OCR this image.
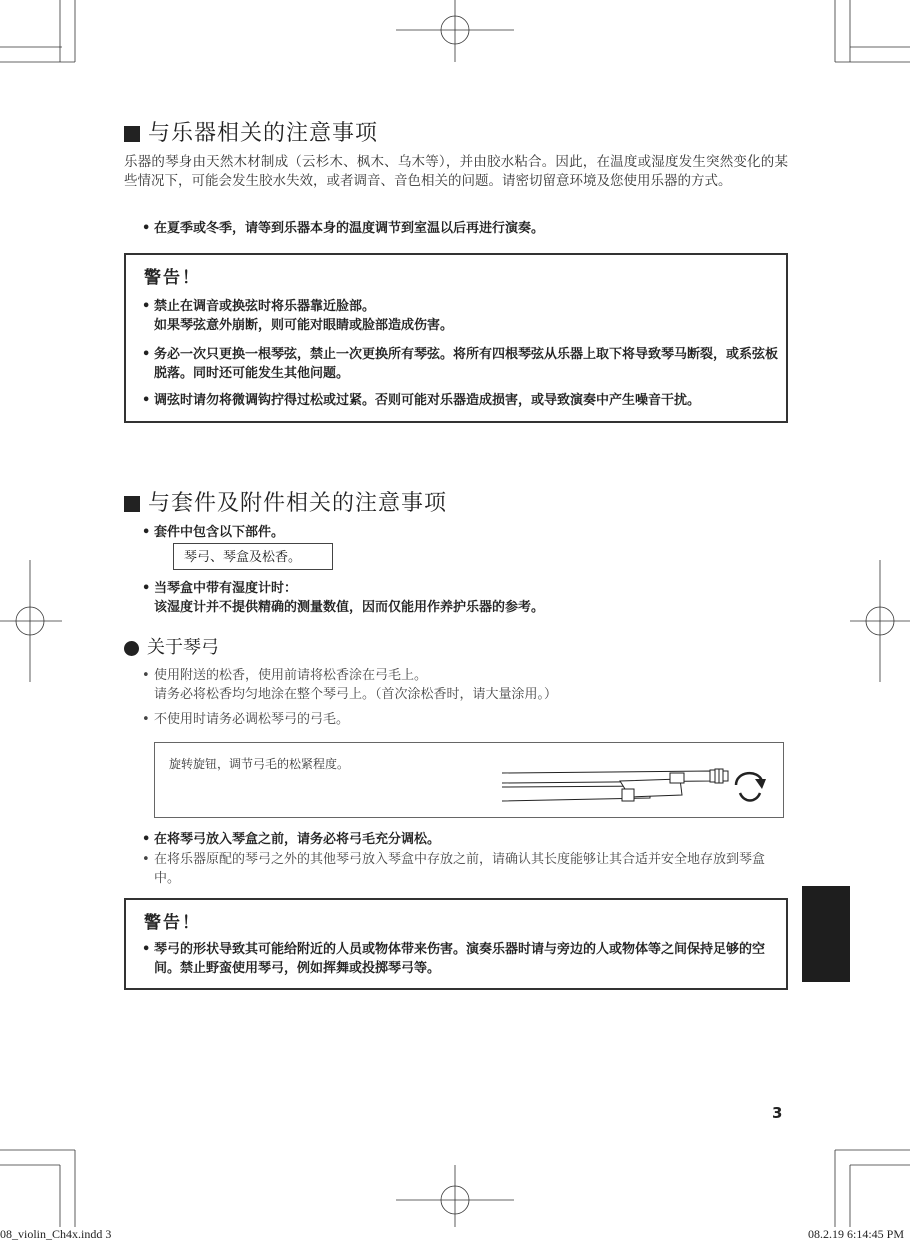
与乐器相关的注意事项
乐器的琴身由天然木材制成（云杉木、枫木、乌木等），并由胶水粘合。因此，在温度或湿度发生突然变化的某些情况下，可能会发生胶水失效，或者调音、音色相关的问题。请密切留意环境及您使用乐器的方式。
• 在夏季或冬季，请等到乐器本身的温度调节到室温以后再进行演奏。
警告！
• 禁止在调音或换弦时将乐器靠近脸部。
如果琴弦意外崩断，则可能对眼睛或脸部造成伤害。
• 务必一次只更换一根琴弦，禁止一次更换所有琴弦。将所有四根琴弦从乐器上取下将导致琴马断裂，或系弦板脱落。同时还可能发生其他问题。
• 调弦时请勿将微调钩拧得过松或过紧。否则可能对乐器造成损害，或导致演奏中产生噪音干扰。
与套件及附件相关的注意事项
• 套件中包含以下部件。
琴弓、琴盒及松香。
• 当琴盒中带有湿度计时：
该湿度计并不提供精确的测量数值，因而仅能用作养护乐器的参考。
关于琴弓
• 使用附送的松香，使用前请将松香涂在弓毛上。
请务必将松香均匀地涂在整个琴弓上。（首次涂松香时，请大量涂用。）
• 不使用时请务必调松琴弓的弓毛。
旋转旋钮，调节弓毛的松紧程度。
• 在将琴弓放入琴盒之前，请务必将弓毛充分调松。
• 在将乐器原配的琴弓之外的其他琴弓放入琴盒中存放之前，请确认其长度能够让其合适并安全地存放到琴盒中。
警告！
• 琴弓的形状导致其可能给附近的人员或物体带来伤害。演奏乐器时请与旁边的人或物体等之间保持足够的空间。禁止野蛮使用琴弓，例如挥舞或投掷琴弓等。
3
08_violin_Ch4x.indd 3	08.2.19 6:14:45 PM
